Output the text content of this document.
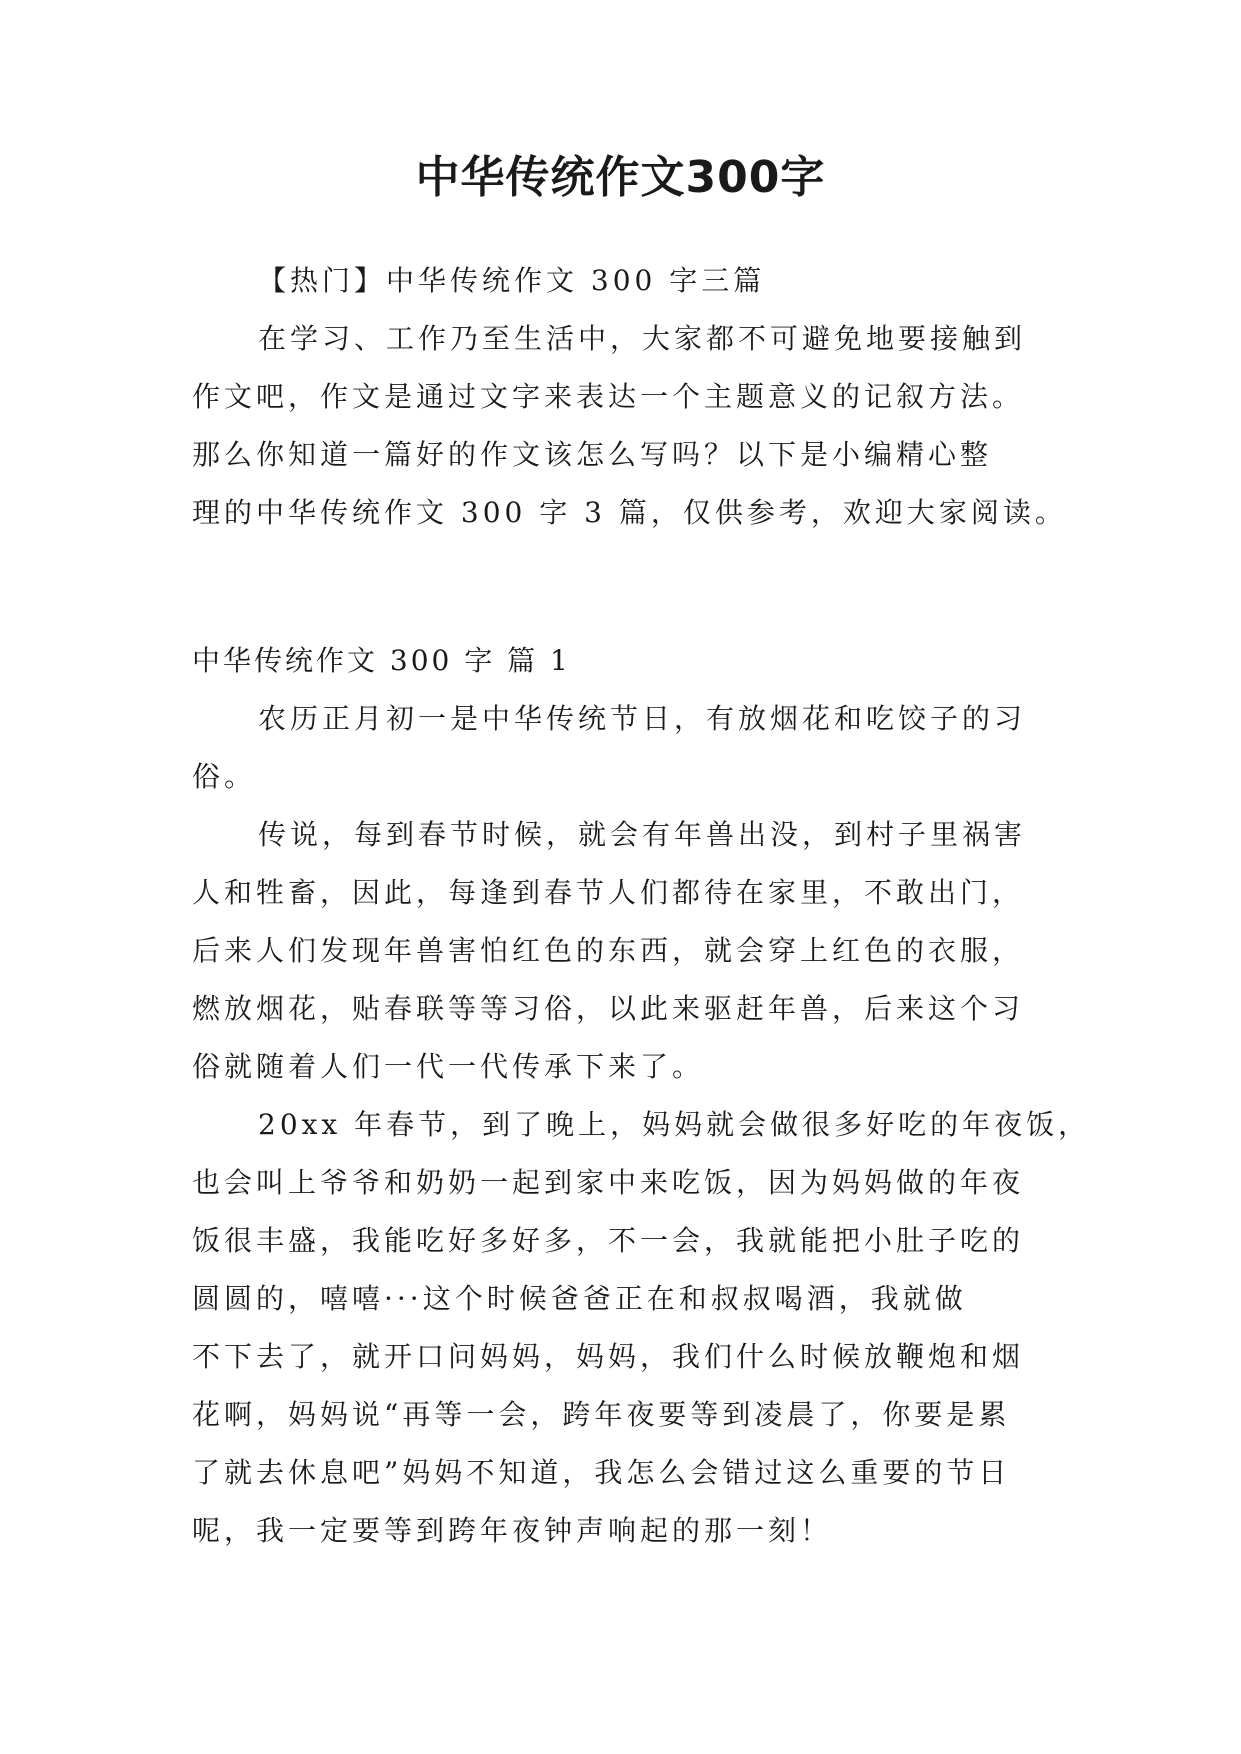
中华传统作文300字
【热门】中华传统作文 300 字三篇
在学习、工作乃至生活中，大家都不可避免地要接触到
作文吧，作文是通过文字来表达一个主题意义的记叙方法。
那么你知道一篇好的作文该怎么写吗？以下是小编精心整
理的中华传统作文 300 字 3 篇，仅供参考，欢迎大家阅读。
中华传统作文 300 字 篇 1
农历正月初一是中华传统节日，有放烟花和吃饺子的习
俗。
传说，每到春节时候，就会有年兽出没，到村子里祸害
人和牲畜，因此，每逢到春节人们都待在家里，不敢出门，
后来人们发现年兽害怕红色的东西，就会穿上红色的衣服，
燃放烟花，贴春联等等习俗，以此来驱赶年兽，后来这个习
俗就随着人们一代一代传承下来了。
20xx 年春节，到了晚上，妈妈就会做很多好吃的年夜饭，
也会叫上爷爷和奶奶一起到家中来吃饭，因为妈妈做的年夜
饭很丰盛，我能吃好多好多，不一会，我就能把小肚子吃的
圆圆的，嘻嘻···这个时候爸爸正在和叔叔喝酒，我就做
不下去了，就开口问妈妈，妈妈，我们什么时候放鞭炮和烟
花啊，妈妈说“再等一会，跨年夜要等到凌晨了，你要是累
了就去休息吧”妈妈不知道，我怎么会错过这么重要的节日
呢，我一定要等到跨年夜钟声响起的那一刻！
